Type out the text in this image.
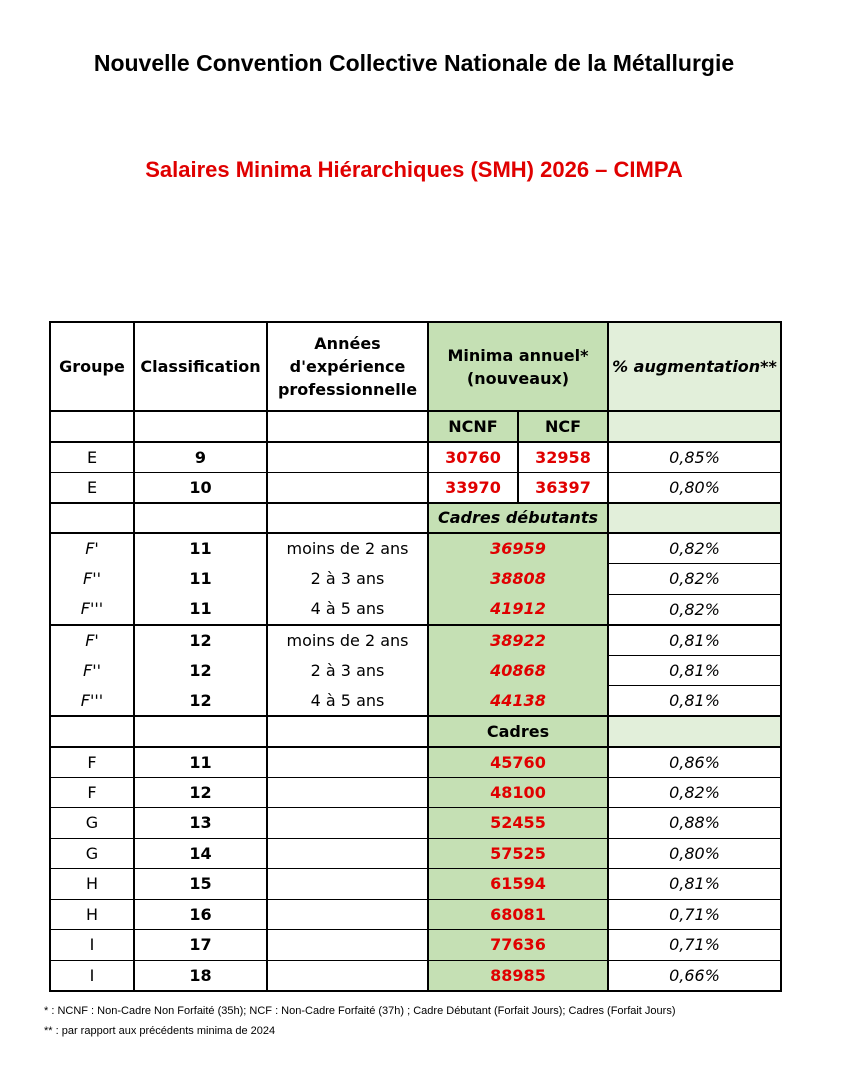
Nouvelle Convention Collective Nationale de la Métallurgie
Salaires Minima Hiérarchiques (SMH) 2026 – CIMPA
Groupe	Classification	Années d'expérience professionnelle	Minima annuel* (nouveaux)		% augmentation**
			NCNF	NCF	
E	9		30760	32958	0,85%
E	10		33970	36397	0,80%
			Cadres débutants		
F'	11	moins de 2 ans	36959		0,82%
F''	11	2 à 3 ans	38808		0,82%
F'''	11	4 à 5 ans	41912		0,82%
F'	12	moins de 2 ans	38922		0,81%
F''	12	2 à 3 ans	40868		0,81%
F'''	12	4 à 5 ans	44138		0,81%
			Cadres		
F	11		45760		0,86%
F	12		48100		0,82%
G	13		52455		0,88%
G	14		57525		0,80%
H	15		61594		0,81%
H	16		68081		0,71%
I	17		77636		0,71%
I	18		88985		0,66%
* : NCNF : Non-Cadre Non Forfaité (35h); NCF : Non-Cadre Forfaité (37h) ; Cadre Débutant (Forfait Jours); Cadres (Forfait Jours)
** : par rapport aux précédents minima de 2024
